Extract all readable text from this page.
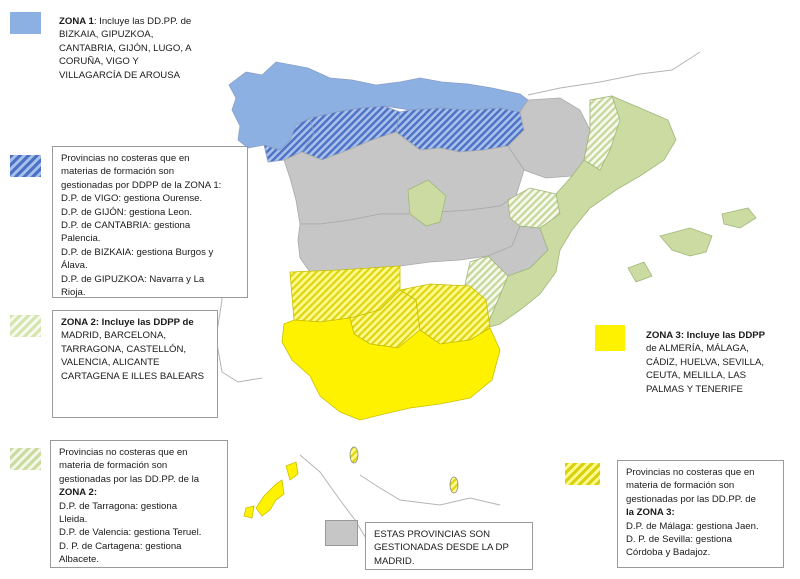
ZONA 1: Incluye las DD.PP. de
BIZKAIA, GIPUZKOA,
CANTABRIA, GIJÓN, LUGO, A
CORUÑA, VIGO Y
VILLAGARCÍA DE AROUSA
Provincias no costeras que en
materias de formación son
gestionadas por DDPP de la ZONA 1:
D.P. de VIGO: gestiona Ourense.
D.P. de GIJÓN: gestiona Leon.
D.P. de CANTABRIA: gestiona
Palencia.
D.P. de BIZKAIA: gestiona Burgos y
Álava.
D.P. de GIPUZKOA: Navarra y La
Rioja.
ZONA 2: Incluye las DDPP de
MADRID, BARCELONA,
TARRAGONA, CASTELLÓN,
VALENCIA, ALICANTE
CARTAGENA E ILLES BALEARS
Provincias no costeras que en
materia de formación son
gestionadas por las DD.PP. de la
ZONA 2:
D.P. de Tarragona: gestiona
Lleida.
D.P. de Valencia: gestiona Teruel.
D. P. de Cartagena: gestiona
Albacete.
ZONA 3: Incluye las DDPP
de ALMERÍA, MÁLAGA,
CÁDIZ, HUELVA, SEVILLA,
CEUTA, MELILLA, LAS
PALMAS Y TENERIFE
Provincias no costeras que en
materia de formación son
gestionadas por las DD.PP. de
la ZONA 3:
D.P. de Málaga: gestiona Jaen.
D. P. de Sevilla: gestiona
Córdoba y Badajoz.
ESTAS PROVINCIAS SON
GESTIONADAS DESDE LA DP
MADRID.
